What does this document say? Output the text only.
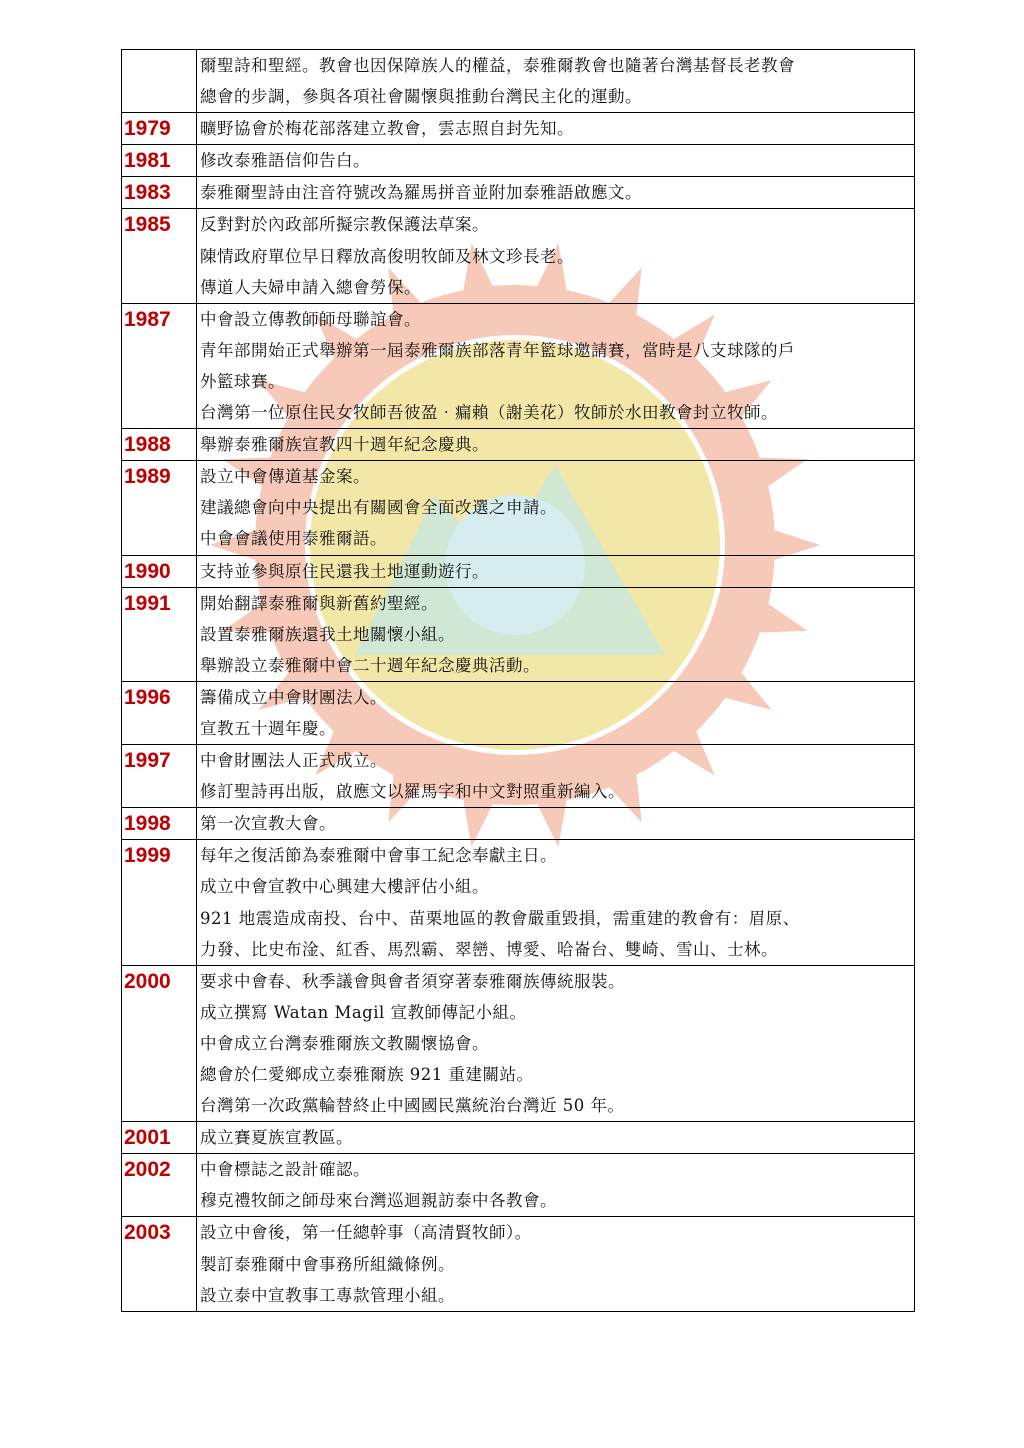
	爾聖詩和聖經。教會也因保障族人的權益，泰雅爾教會也隨著台灣基督長老教會
總會的步調，參與各項社會關懷與推動台灣民主化的運動。

1979	曠野協會於梅花部落建立教會，雲志照自封先知。

1981	修改泰雅語信仰告白。

1983	泰雅爾聖詩由注音符號改為羅馬拼音並附加泰雅語啟應文。

1985	反對對於內政部所擬宗教保護法草案。
陳情政府單位早日釋放高俊明牧師及林文珍長老。
傳道人夫婦申請入總會勞保。

1987	中會設立傳教師師母聯誼會。
青年部開始正式舉辦第一屆泰雅爾族部落青年籃球邀請賽，當時是八支球隊的戶
外籃球賽。
台灣第一位原住民女牧師吾彼盈‧瘺賴（謝美花）牧師於水田教會封立牧師。

1988	舉辦泰雅爾族宣教四十週年紀念慶典。

1989	設立中會傳道基金案。
建議總會向中央提出有關國會全面改選之申請。
中會會議使用泰雅爾語。

1990	支持並參與原住民還我土地運動遊行。

1991	開始翻譯泰雅爾與新舊約聖經。
設置泰雅爾族還我土地關懷小組。
舉辦設立泰雅爾中會二十週年紀念慶典活動。

1996	籌備成立中會財團法人。
宣教五十週年慶。

1997	中會財團法人正式成立。
修訂聖詩再出版，啟應文以羅馬字和中文對照重新編入。

1998	第一次宣教大會。

1999	每年之復活節為泰雅爾中會事工紀念奉獻主日。
成立中會宣教中心興建大樓評估小組。
921 地震造成南投、台中、苗栗地區的教會嚴重毀損，需重建的教會有：眉原、
力發、比史布淦、紅香、馬烈霸、翠巒、博愛、哈崙台、雙崎、雪山、士林。

2000	要求中會春、秋季議會與會者須穿著泰雅爾族傳統服裝。
成立撰寫 Watan Magil 宣教師傳記小組。
中會成立台灣泰雅爾族文教關懷協會。
總會於仁愛鄉成立泰雅爾族 921 重建關站。
台灣第一次政黨輪替終止中國國民黨統治台灣近 50 年。

2001	成立賽夏族宣教區。

2002	中會標誌之設計確認。
穆克禮牧師之師母來台灣巡迴親訪泰中各教會。

2003	設立中會後，第一任總幹事（高清賢牧師）。
製訂泰雅爾中會事務所組織條例。
設立泰中宣教事工專款管理小組。
